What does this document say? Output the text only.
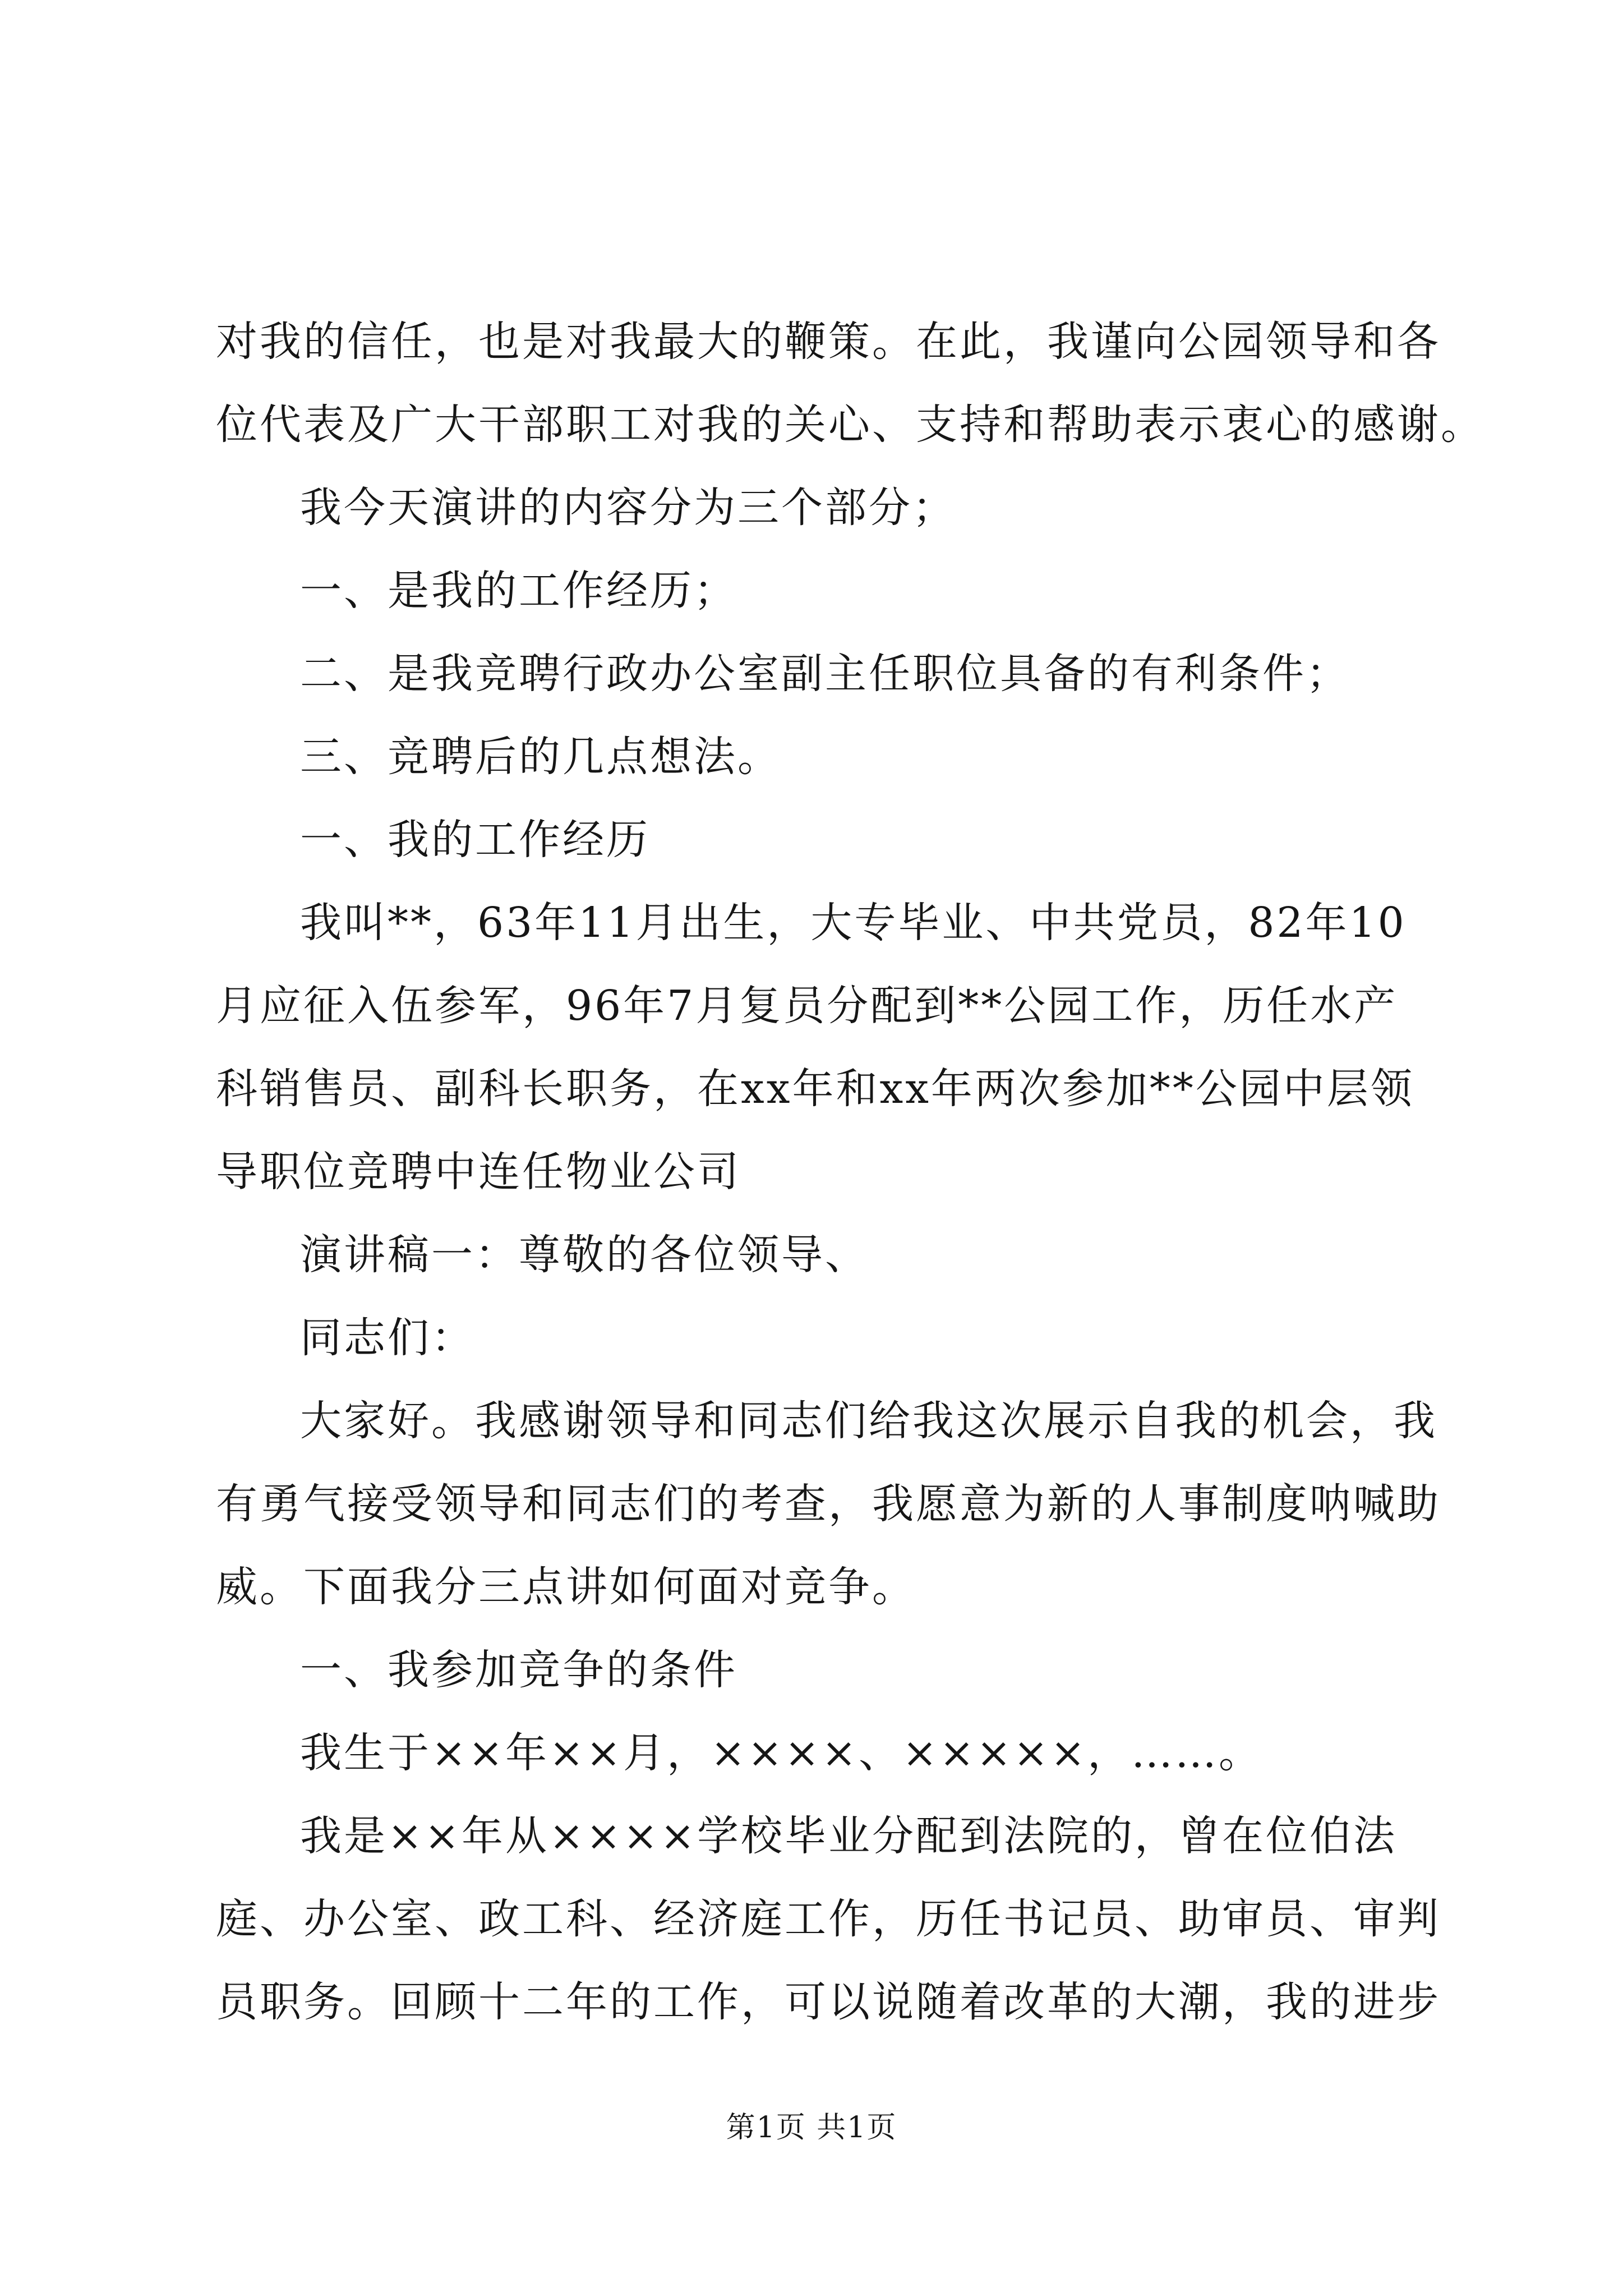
对我的信任，也是对我最大的鞭策。在此，我谨向公园领导和各

位代表及广大干部职工对我的关心、支持和帮助表示衷心的感谢。

我今天演讲的内容分为三个部分；

一、是我的工作经历；

二、是我竞聘行政办公室副主任职位具备的有利条件；

三、竞聘后的几点想法。

一、我的工作经历

我叫**，63年11月出生，大专毕业、中共党员，82年10

月应征入伍参军，96年7月复员分配到**公园工作，历任水产

科销售员、副科长职务，在xx年和xx年两次参加**公园中层领

导职位竞聘中连任物业公司

演讲稿一：尊敬的各位领导、

同志们：

大家好。我感谢领导和同志们给我这次展示自我的机会，我

有勇气接受领导和同志们的考查，我愿意为新的人事制度呐喊助

威。下面我分三点讲如何面对竞争。

一、我参加竞争的条件

我生于××年××月，××××、×××××，……。

我是××年从××××学校毕业分配到法院的，曾在位伯法

庭、办公室、政工科、经济庭工作，历任书记员、助审员、审判

员职务。回顾十二年的工作，可以说随着改革的大潮，我的进步

第1页 共1页
